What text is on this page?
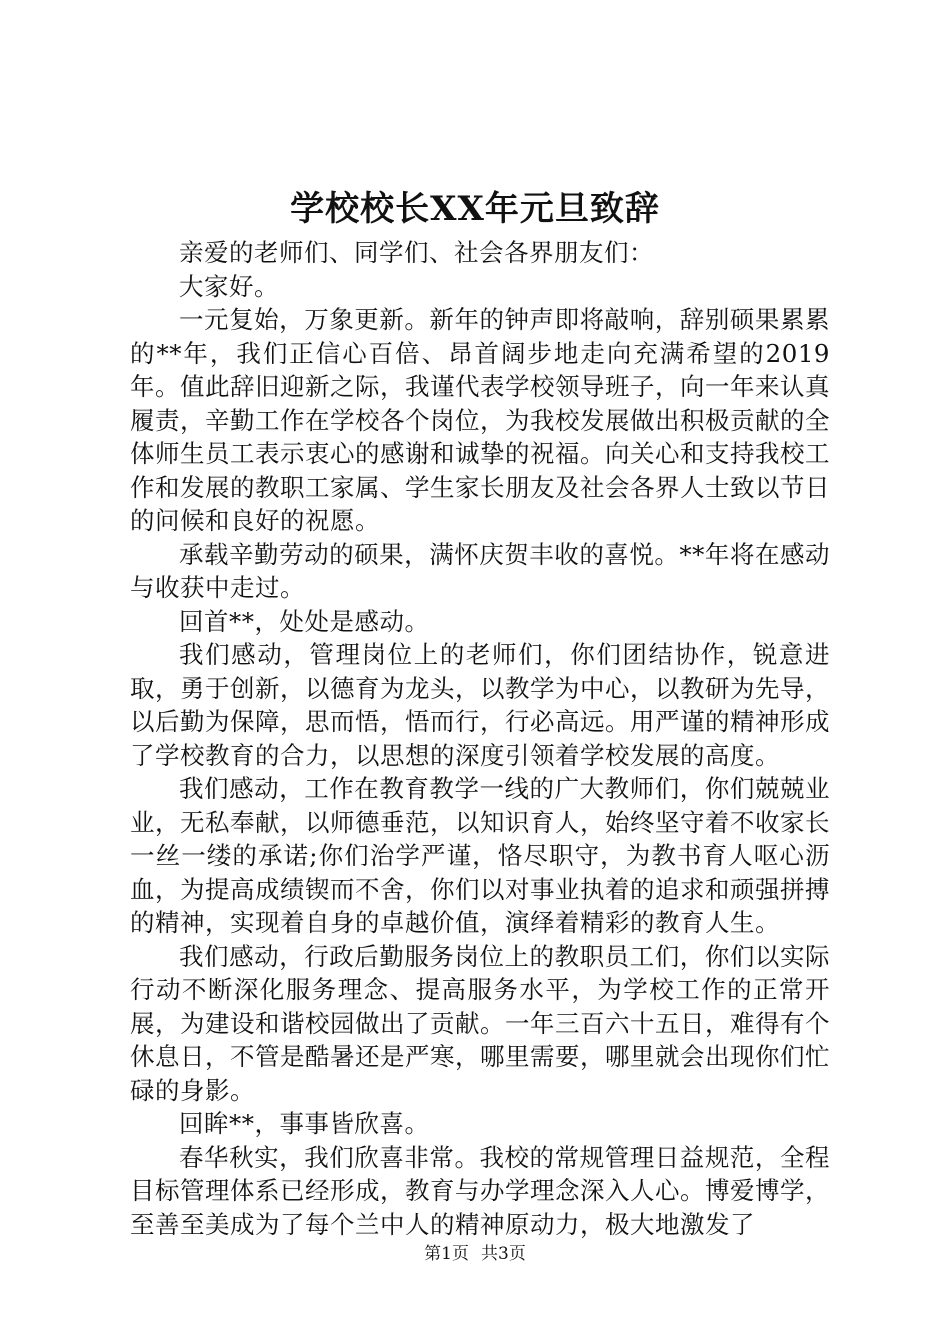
学校校长XX年元旦致辞

亲爱的老师们、同学们、社会各界朋友们：

大家好。

一元复始，万象更新。新年的钟声即将敲响，辞别硕果累累的**年，我们正信心百倍、昂首阔步地走向充满希望的2019年。值此辞旧迎新之际，我谨代表学校领导班子，向一年来认真履责，辛勤工作在学校各个岗位，为我校发展做出积极贡献的全体师生员工表示衷心的感谢和诚挚的祝福。向关心和支持我校工作和发展的教职工家属、学生家长朋友及社会各界人士致以节日的问候和良好的祝愿。

承载辛勤劳动的硕果，满怀庆贺丰收的喜悦。**年将在感动与收获中走过。

回首**，处处是感动。

我们感动，管理岗位上的老师们，你们团结协作，锐意进取，勇于创新，以德育为龙头，以教学为中心，以教研为先导，以后勤为保障，思而悟，悟而行，行必高远。用严谨的精神形成了学校教育的合力，以思想的深度引领着学校发展的高度。

我们感动，工作在教育教学一线的广大教师们，你们兢兢业业，无私奉献，以师德垂范，以知识育人，始终坚守着不收家长一丝一缕的承诺;你们治学严谨，恪尽职守，为教书育人呕心沥血，为提高成绩锲而不舍，你们以对事业执着的追求和顽强拼搏的精神，实现着自身的卓越价值，演绎着精彩的教育人生。

我们感动，行政后勤服务岗位上的教职员工们，你们以实际行动不断深化服务理念、提高服务水平，为学校工作的正常开展，为建设和谐校园做出了贡献。一年三百六十五日，难得有个休息日，不管是酷暑还是严寒，哪里需要，哪里就会出现你们忙碌的身影。

回眸**，事事皆欣喜。

春华秋实，我们欣喜非常。我校的常规管理日益规范，全程目标管理体系已经形成，教育与办学理念深入人心。博爱博学，至善至美成为了每个兰中人的精神原动力，极大地激发了

第1页 共3页
